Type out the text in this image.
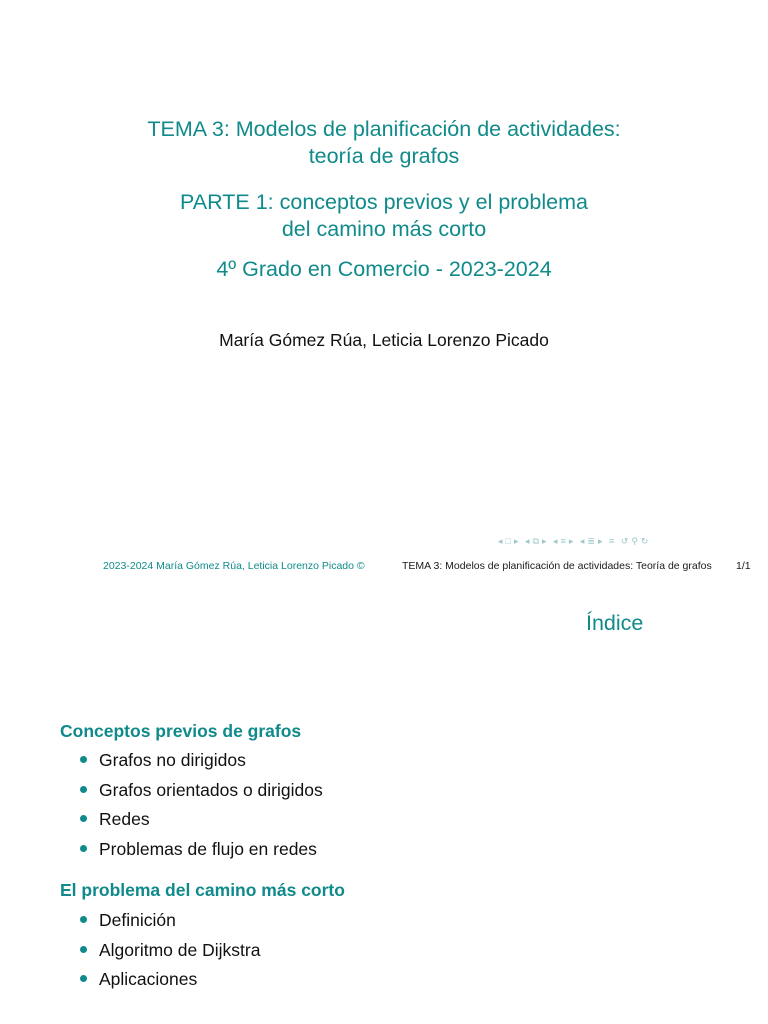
TEMA 3: Modelos de planificación de actividades:
teoría de grafos
PARTE 1: conceptos previos y el problema
del camino más corto
4º Grado en Comercio - 2023-2024
María Gómez Rúa, Leticia Lorenzo Picado
◂ □ ▸ ◂ ⧉ ▸ ◂ ≡ ▸ ◂ ≣ ▸ ≡ ↺ ⚲ ↻
2023-2024 María Gómez Rúa, Leticia Lorenzo Picado ©	TEMA 3: Modelos de planificación de actividades: Teoría de grafos 1/1
Índice
Conceptos previos de grafos
Grafos no dirigidos
Grafos orientados o dirigidos
Redes
Problemas de flujo en redes
El problema del camino más corto
Definición
Algoritmo de Dijkstra
Aplicaciones
